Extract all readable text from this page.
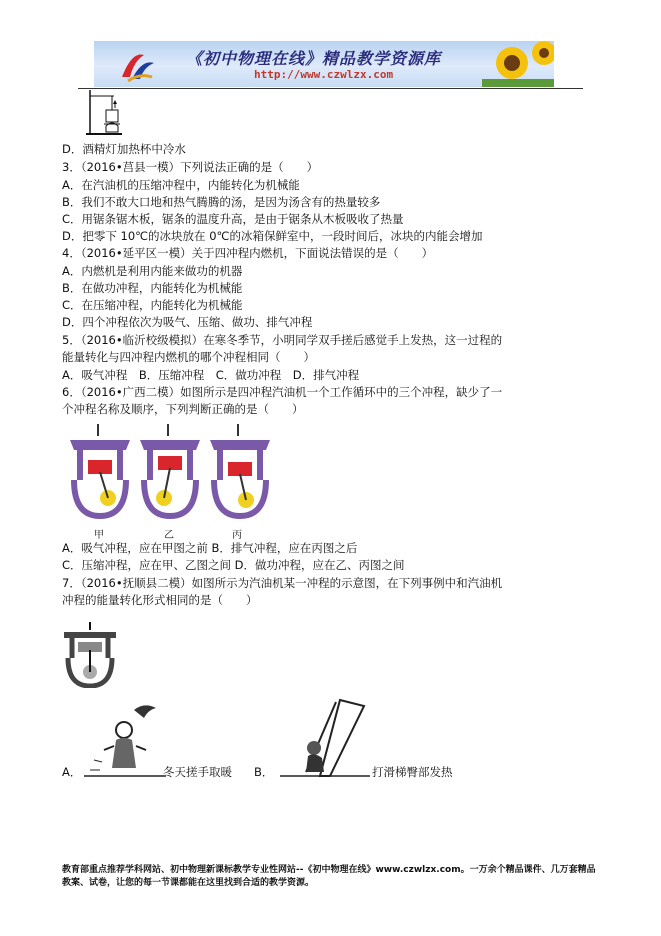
《初中物理在线》精品教学资源库
http://www.czwlzx.com
D．酒精灯加热杯中冷水
3．（2016•莒县一模）下列说法正确的是（　　）
A．在汽油机的压缩冲程中，内能转化为机械能
B．我们不敢大口地和热气腾腾的汤，是因为汤含有的热量较多
C．用锯条锯木板，锯条的温度升高，是由于锯条从木板吸收了热量
D．把零下 10℃的冰块放在 0℃的冰箱保鲜室中，一段时间后，冰块的内能会增加
4．（2016•延平区一模）关于四冲程内燃机，下面说法错误的是（　　）
A．内燃机是利用内能来做功的机器
B．在做功冲程，内能转化为机械能
C．在压缩冲程，内能转化为机械能
D．四个冲程依次为吸气、压缩、做功、排气冲程
5．（2016•临沂校级模拟）在寒冬季节，小明同学双手搓后感觉手上发热，这一过程的
能量转化与四冲程内燃机的哪个冲程相同（　　）
A．吸气冲程　B．压缩冲程　C．做功冲程　D．排气冲程
6．（2016•广西二模）如图所示是四冲程汽油机一个工作循环中的三个冲程，缺少了一
个冲程名称及顺序，下列判断正确的是（　　）
甲	乙	丙
A．吸气冲程，应在甲图之前 B．排气冲程，应在丙图之后
C．压缩冲程，应在甲、乙图之间 D．做功冲程，应在乙、丙图之间
7．（2016•抚顺县二模）如图所示为汽油机某一冲程的示意图，在下列事例中和汽油机
冲程的能量转化形式相同的是（　　）
A．	冬天搓手取暖 B．	打滑梯臀部发热
教育部重点推荐学科网站、初中物理新课标教学专业性网站--《初中物理在线》www.czwlzx.com。一万余个精品课件、几万套精品教案、试卷，让您的每一节课都能在这里找到合适的教学资源。
